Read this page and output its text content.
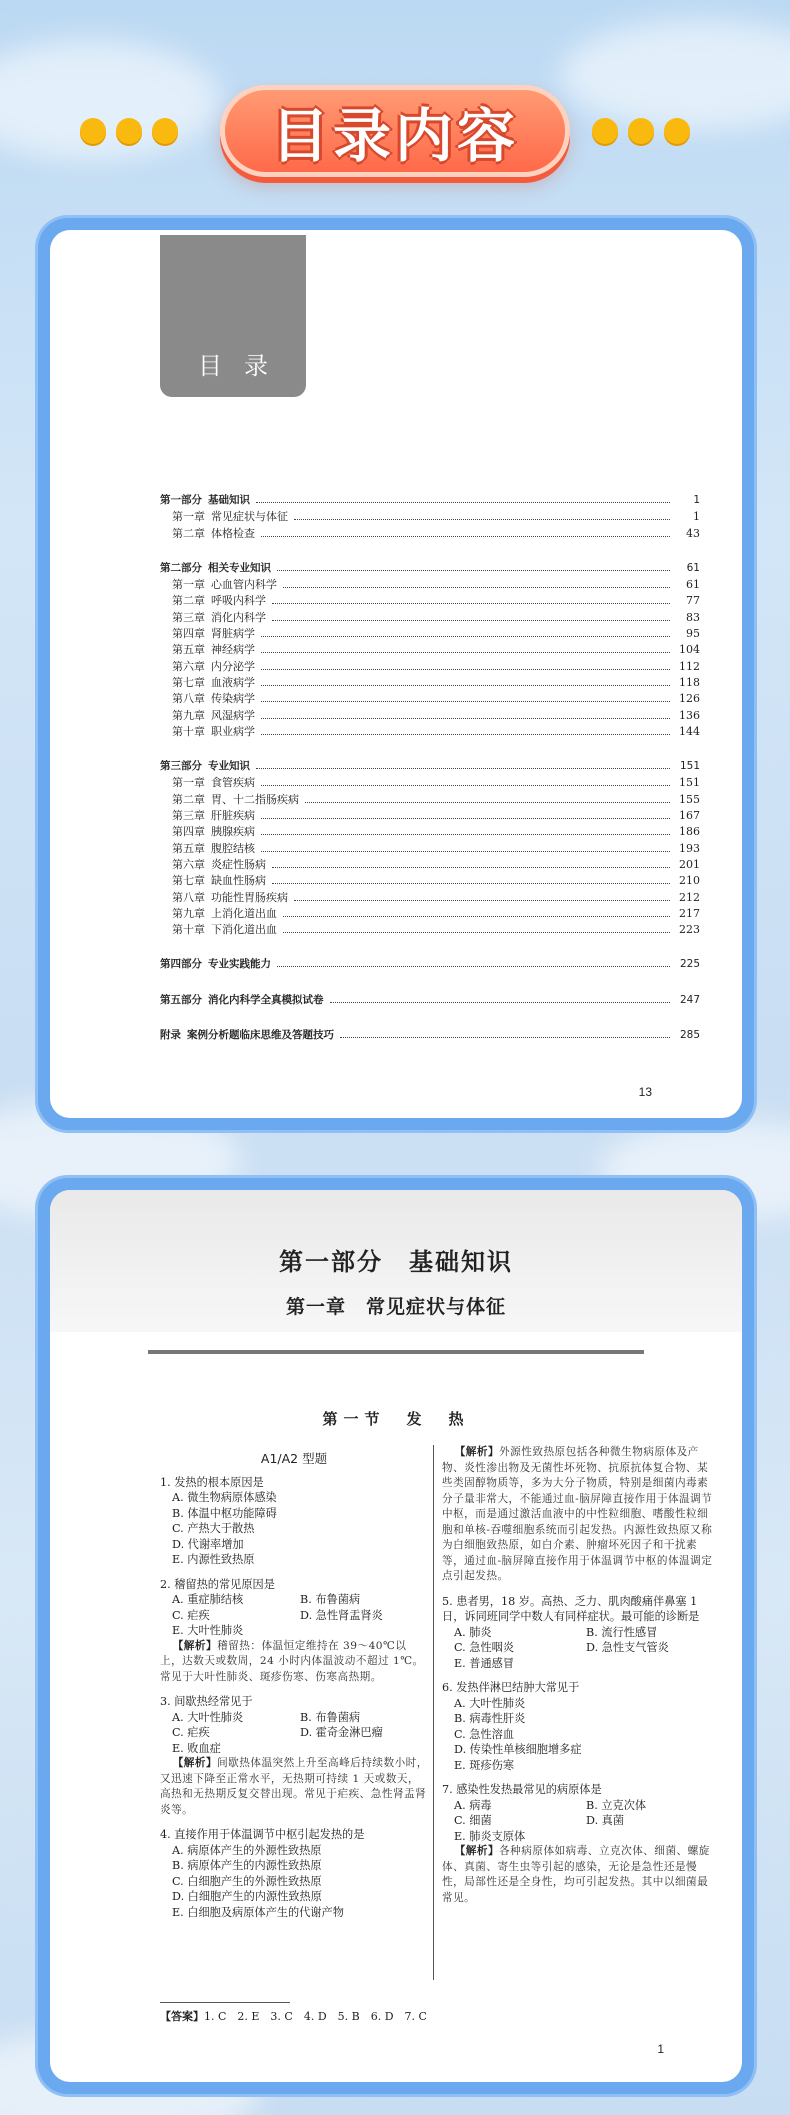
目录内容
目录
第一部分 基础知识	1
第一章 常见症状与体征	1
第二章 体格检查	43
第二部分 相关专业知识	61
第一章 心血管内科学	61
第二章 呼吸内科学	77
第三章 消化内科学	83
第四章 肾脏病学	95
第五章 神经病学	104
第六章 内分泌学	112
第七章 血液病学	118
第八章 传染病学	126
第九章 风湿病学	136
第十章 职业病学	144
第三部分 专业知识	151
第一章 食管疾病	151
第二章 胃、十二指肠疾病	155
第三章 肝脏疾病	167
第四章 胰腺疾病	186
第五章 腹腔结核	193
第六章 炎症性肠病	201
第七章 缺血性肠病	210
第八章 功能性胃肠疾病	212
第九章 上消化道出血	217
第十章 下消化道出血	223
第四部分 专业实践能力	225
第五部分 消化内科学全真模拟试卷	247
附录 案例分析题临床思维及答题技巧	285
13
第一部分　基础知识
第一章　常见症状与体征
第一节　发　热
A1/A2 型题
1. 发热的根本原因是
A. 微生物病原体感染
B. 体温中枢功能障碍
C. 产热大于散热
D. 代谢率增加
E. 内源性致热原
2. 稽留热的常见原因是
A. 重症肺结核	B. 布鲁菌病
C. 疟疾	D. 急性肾盂肾炎
E. 大叶性肺炎
【解析】稽留热：体温恒定维持在 39～40℃以上，达数天或数周，24 小时内体温波动不超过 1℃。常见于大叶性肺炎、斑疹伤寒、伤寒高热期。
3. 间歇热经常见于
A. 大叶性肺炎	B. 布鲁菌病
C. 疟疾	D. 霍奇金淋巴瘤
E. 败血症
【解析】间歇热体温突然上升至高峰后持续数小时，又迅速下降至正常水平，无热期可持续 1 天或数天，高热和无热期反复交替出现。常见于疟疾、急性肾盂肾炎等。
4. 直接作用于体温调节中枢引起发热的是
A. 病原体产生的外源性致热原
B. 病原体产生的内源性致热原
C. 白细胞产生的外源性致热原
D. 白细胞产生的内源性致热原
E. 白细胞及病原体产生的代谢产物
【解析】外源性致热原包括各种微生物病原体及产物、炎性渗出物及无菌性坏死物、抗原抗体复合物、某些类固醇物质等，多为大分子物质，特别是细菌内毒素分子量非常大，不能通过血-脑屏障直接作用于体温调节中枢，而是通过激活血液中的中性粒细胞、嗜酸性粒细胞和单核-吞噬细胞系统而引起发热。内源性致热原又称为白细胞致热原，如白介素、肿瘤坏死因子和干扰素等，通过血-脑屏障直接作用于体温调节中枢的体温调定点引起发热。
5. 患者男，18 岁。高热、乏力、肌肉酸痛伴鼻塞 1 日，诉同班同学中数人有同样症状。最可能的诊断是
A. 肺炎	B. 流行性感冒
C. 急性咽炎	D. 急性支气管炎
E. 普通感冒
6. 发热伴淋巴结肿大常见于
A. 大叶性肺炎
B. 病毒性肝炎
C. 急性溶血
D. 传染性单核细胞增多症
E. 斑疹伤寒
7. 感染性发热最常见的病原体是
A. 病毒	B. 立克次体
C. 细菌	D. 真菌
E. 肺炎支原体
【解析】各种病原体如病毒、立克次体、细菌、螺旋体、真菌、寄生虫等引起的感染，无论是急性还是慢性，局部性还是全身性，均可引起发热。其中以细菌最常见。
【答案】1. C　2. E　3. C　4. D　5. B　6. D　7. C
1
